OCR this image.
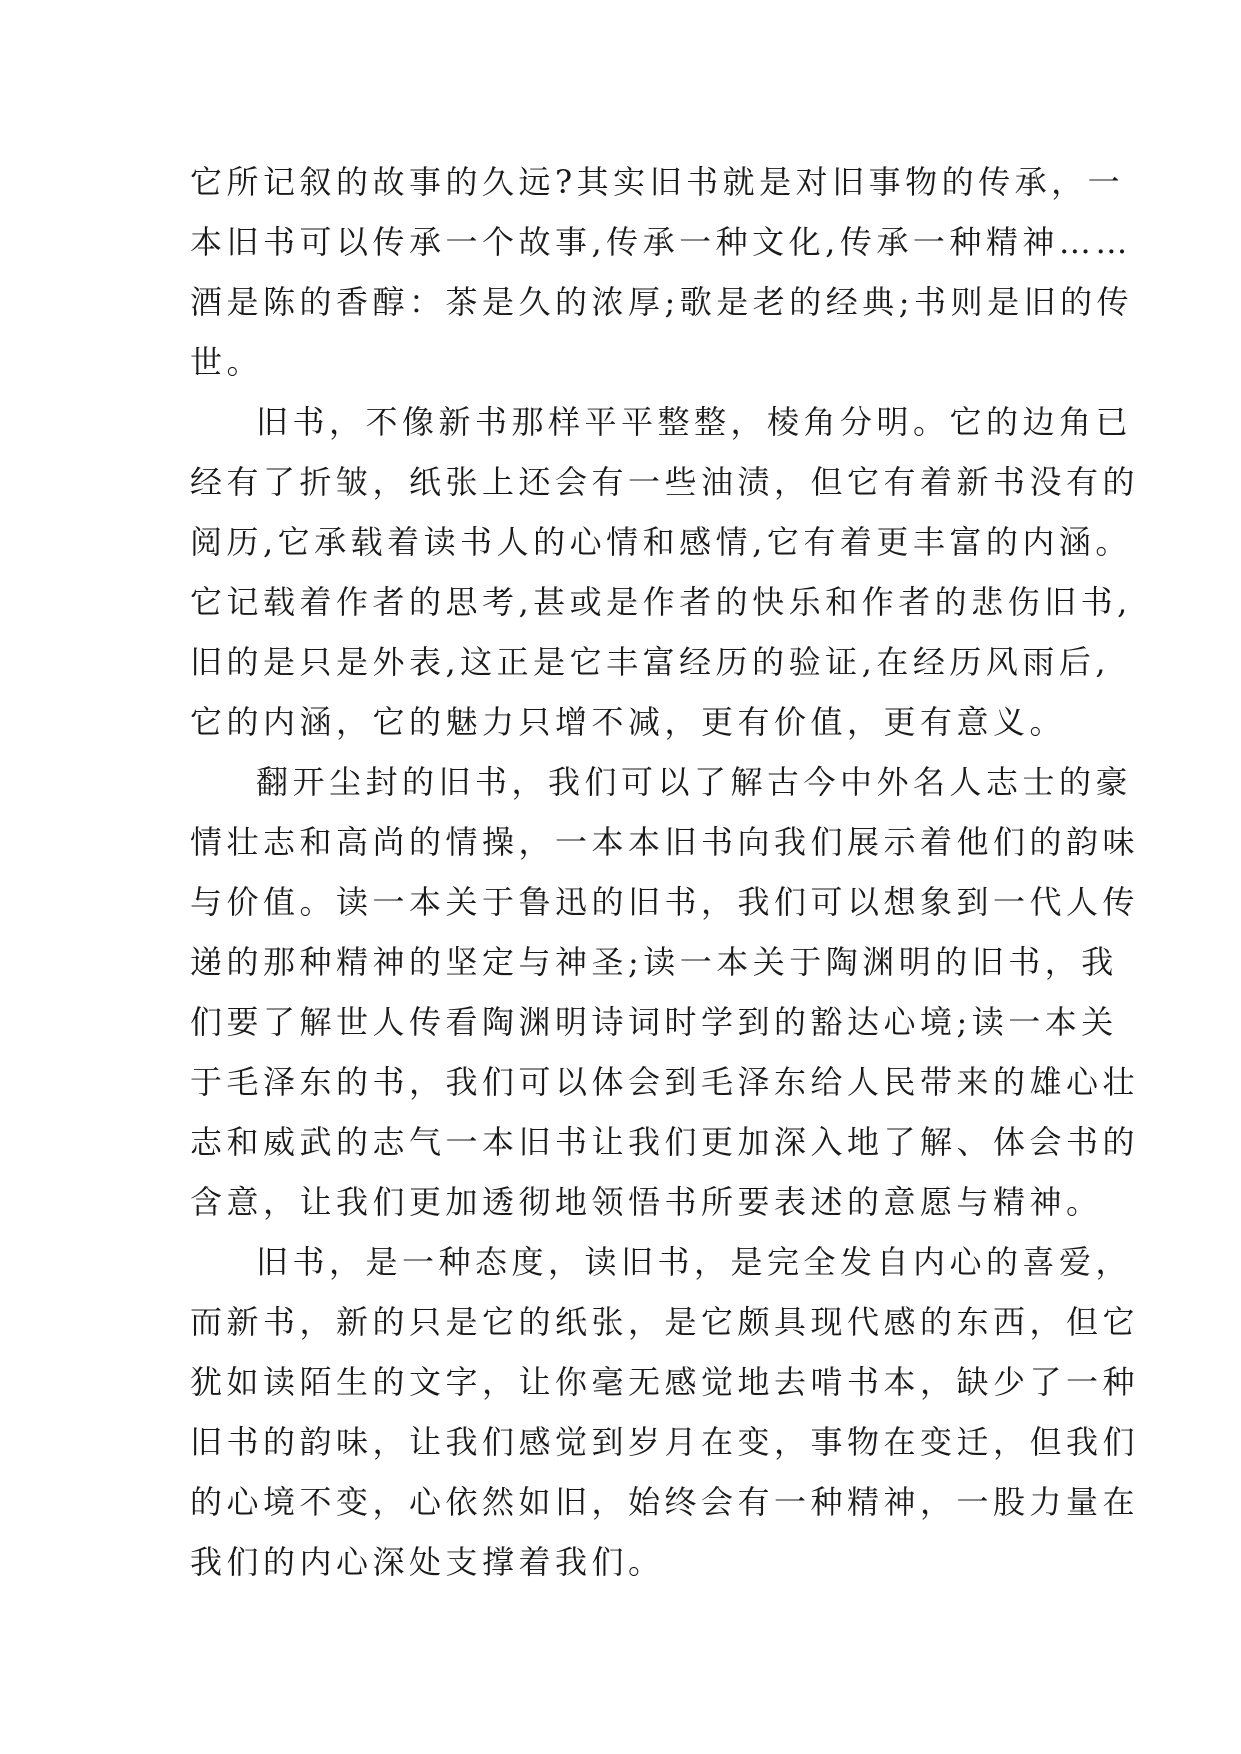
它所记叙的故事的久远?其实旧书就是对旧事物的传承，一
本旧书可以传承一个故事,传承一种文化,传承一种精神……
酒是陈的香醇：茶是久的浓厚;歌是老的经典;书则是旧的传
世。
旧书，不像新书那样平平整整，棱角分明。它的边角已
经有了折皱，纸张上还会有一些油渍，但它有着新书没有的
阅历,它承载着读书人的心情和感情,它有着更丰富的内涵。
它记载着作者的思考,甚或是作者的快乐和作者的悲伤旧书,
旧的是只是外表,这正是它丰富经历的验证,在经历风雨后,
它的内涵，它的魅力只增不减，更有价值，更有意义。
翻开尘封的旧书，我们可以了解古今中外名人志士的豪
情壮志和高尚的情操，一本本旧书向我们展示着他们的韵味
与价值。读一本关于鲁迅的旧书，我们可以想象到一代人传
递的那种精神的坚定与神圣;读一本关于陶渊明的旧书，我
们要了解世人传看陶渊明诗词时学到的豁达心境;读一本关
于毛泽东的书，我们可以体会到毛泽东给人民带来的雄心壮
志和威武的志气一本旧书让我们更加深入地了解、体会书的
含意，让我们更加透彻地领悟书所要表述的意愿与精神。
旧书，是一种态度，读旧书，是完全发自内心的喜爱，
而新书，新的只是它的纸张，是它颇具现代感的东西，但它
犹如读陌生的文字，让你毫无感觉地去啃书本，缺少了一种
旧书的韵味，让我们感觉到岁月在变，事物在变迁，但我们
的心境不变，心依然如旧，始终会有一种精神，一股力量在
我们的内心深处支撑着我们。
